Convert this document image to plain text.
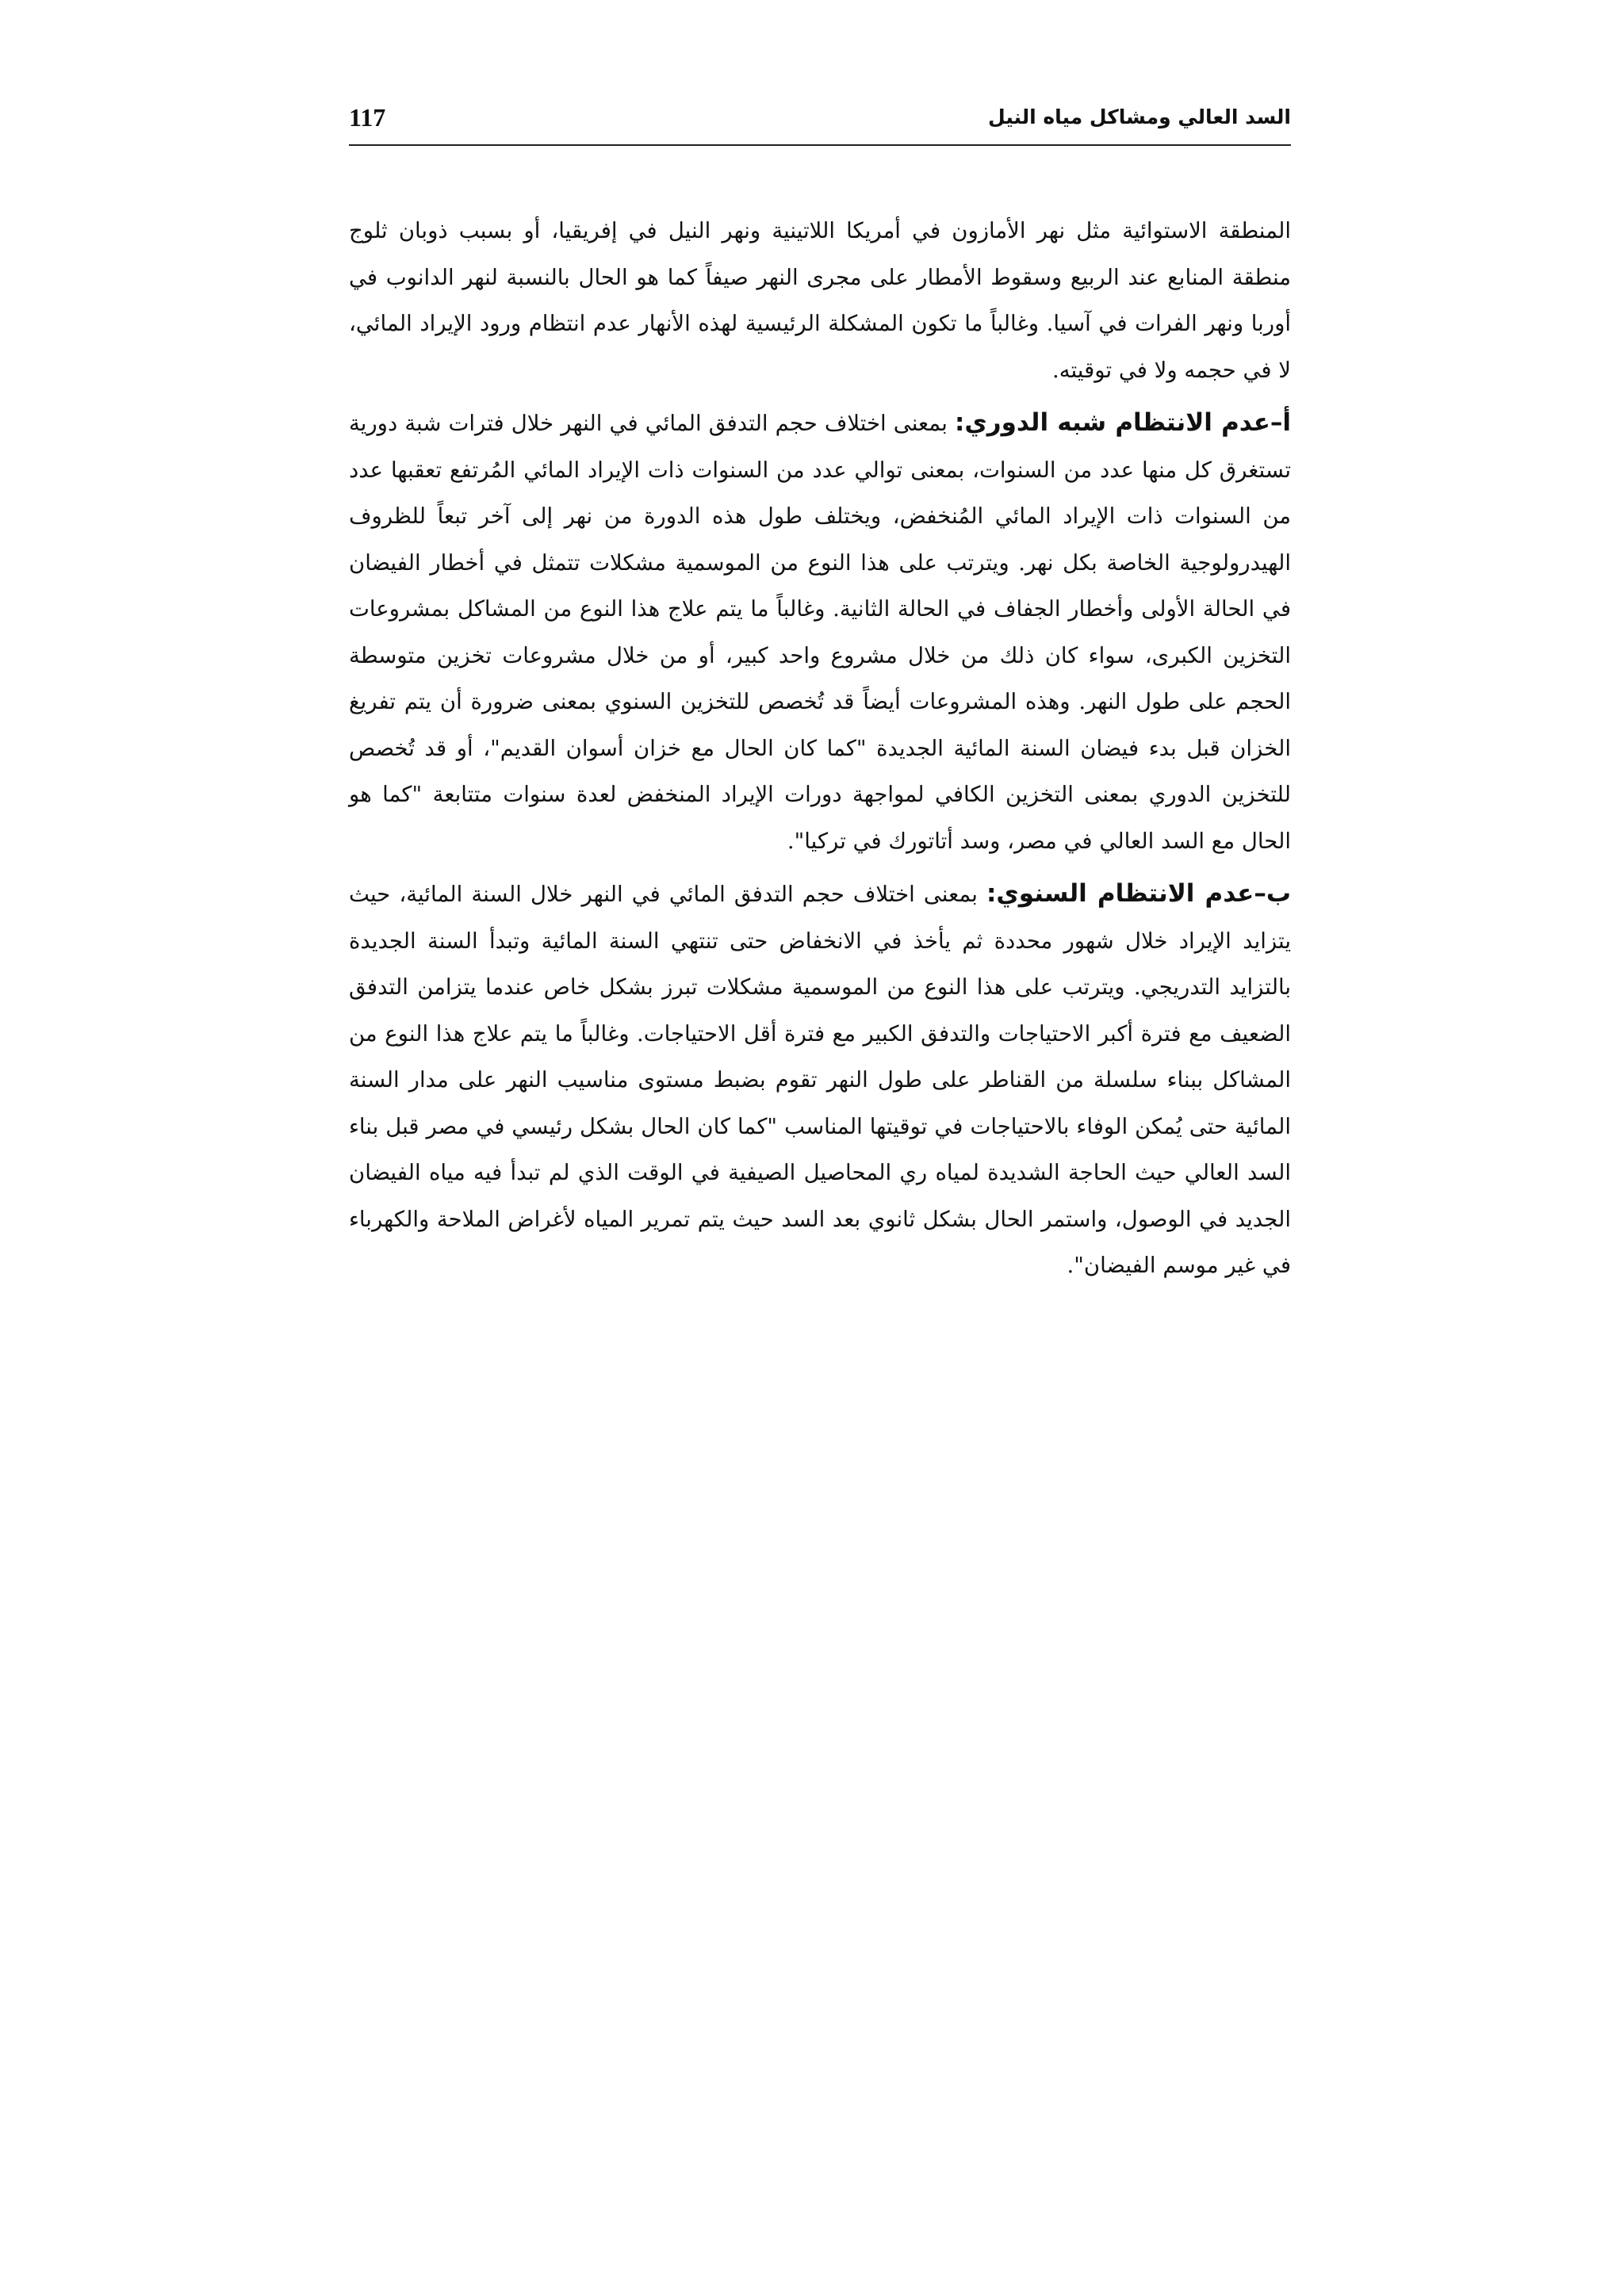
السد العالي ومشاكل مياه النيل
117

المنطقة الاستوائية مثل نهر الأمازون في أمريكا اللاتينية ونهر النيل في إفريقيا، أو بسبب ذوبان ثلوج منطقة المنابع عند الربيع وسقوط الأمطار على مجرى النهر صيفاً كما هو الحال بالنسبة لنهر الدانوب في أوربا ونهر الفرات في آسيا. وغالباً ما تكون المشكلة الرئيسية لهذه الأنهار عدم انتظام ورود الإيراد المائي، لا في حجمه ولا في توقيته.

أ–عدم الانتظام شبه الدوري: بمعنى اختلاف حجم التدفق المائي في النهر خلال فترات شبة دورية تستغرق كل منها عدد من السنوات، بمعنى توالي عدد من السنوات ذات الإيراد المائي المُرتفع تعقبها عدد من السنوات ذات الإيراد المائي المُنخفض، ويختلف طول هذه الدورة من نهر إلى آخر تبعاً للظروف الهيدرولوجية الخاصة بكل نهر. ويترتب على هذا النوع من الموسمية مشكلات تتمثل في أخطار الفيضان في الحالة الأولى وأخطار الجفاف في الحالة الثانية. وغالباً ما يتم علاج هذا النوع من المشاكل بمشروعات التخزين الكبرى، سواء كان ذلك من خلال مشروع واحد كبير، أو من خلال مشروعات تخزين متوسطة الحجم على طول النهر. وهذه المشروعات أيضاً قد تُخصص للتخزين السنوي بمعنى ضرورة أن يتم تفريغ الخزان قبل بدء فيضان السنة المائية الجديدة "كما كان الحال مع خزان أسوان القديم"، أو قد تُخصص للتخزين الدوري بمعنى التخزين الكافي لمواجهة دورات الإيراد المنخفض لعدة سنوات متتابعة "كما هو الحال مع السد العالي في مصر، وسد أتاتورك في تركيا".

ب–عدم الانتظام السنوي: بمعنى اختلاف حجم التدفق المائي في النهر خلال السنة المائية، حيث يتزايد الإيراد خلال شهور محددة ثم يأخذ في الانخفاض حتى تنتهي السنة المائية وتبدأ السنة الجديدة بالتزايد التدريجي. ويترتب على هذا النوع من الموسمية مشكلات تبرز بشكل خاص عندما يتزامن التدفق الضعيف مع فترة أكبر الاحتياجات والتدفق الكبير مع فترة أقل الاحتياجات. وغالباً ما يتم علاج هذا النوع من المشاكل ببناء سلسلة من القناطر على طول النهر تقوم بضبط مستوى مناسيب النهر على مدار السنة المائية حتى يُمكن الوفاء بالاحتياجات في توقيتها المناسب "كما كان الحال بشكل رئيسي في مصر قبل بناء السد العالي حيث الحاجة الشديدة لمياه ري المحاصيل الصيفية في الوقت الذي لم تبدأ فيه مياه الفيضان الجديد في الوصول، واستمر الحال بشكل ثانوي بعد السد حيث يتم تمرير المياه لأغراض الملاحة والكهرباء في غير موسم الفيضان".
